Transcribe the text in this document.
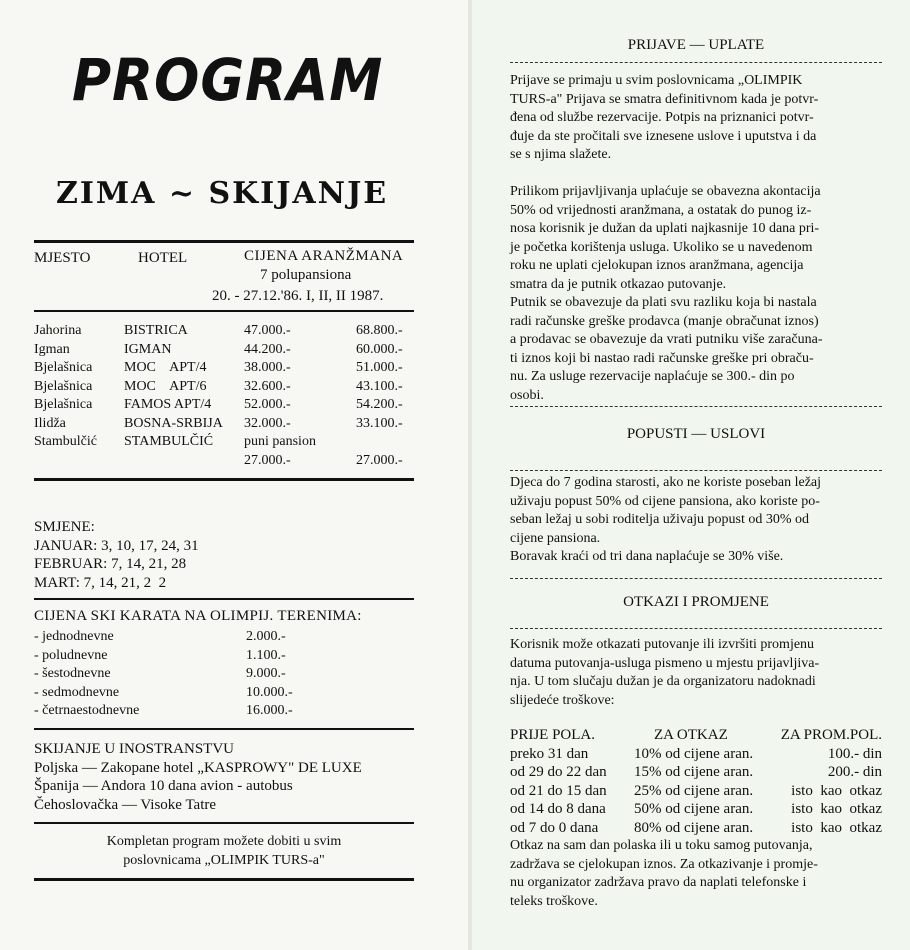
PROGRAM
ZIMA ~ SKIJANJE
MJESTO	HOTEL	CIJENA ARANŽMANA
7 polupansiona
20. - 27.12.'86. I, II, II 1987.
Jahorina
Igman
Bjelašnica
Bjelašnica
Bjelašnica
Ilidža
Stambulčić
BISTRICA
IGMAN
MOC    APT/4
MOC    APT/6
FAMOS APT/4
BOSNA-SRBIJA
STAMBULČIĆ
47.000.-
44.200.-
38.000.-
32.600.-
52.000.-
32.000.-
puni pansion
27.000.-
68.800.-
60.000.-
51.000.-
43.100.-
54.200.-
33.100.-
27.000.-
SMJENE:
JANUAR: 3, 10, 17, 24, 31
FEBRUAR: 7, 14, 21, 28
MART: 7, 14, 21, 2  2
CIJENA SKI KARATA NA OLIMPIJ. TERENIMA:
- jednodnevne
- poludnevne
- šestodnevne
- sedmodnevne
- četrnaestodnevne
2.000.-
1.100.-
9.000.-
10.000.-
16.000.-
SKIJANJE U INOSTRANSTVU
Poljska — Zakopane hotel „KASPROWY" DE LUXE
Španija — Andora 10 dana avion - autobus
Čehoslovačka — Visoke Tatre
Kompletan program možete dobiti u svim
poslovnicama „OLIMPIK TURS-a"
PRIJAVE — UPLATE
Prijave se primaju u svim poslovnicama „OLIMPIK
TURS-a" Prijava se smatra definitivnom kada je potvr-
đena od službe rezervacije. Potpis na priznanici potvr-
đuje da ste pročitali sve iznesene uslove i uputstva i da
se s njima slažete.
Prilikom prijavljivanja uplaćuje se obavezna akontacija
50% od vrijednosti aranžmana, a ostatak do punog iz-
nosa korisnik je dužan da uplati najkasnije 10 dana pri-
je početka korištenja usluga. Ukoliko se u navedenom
roku ne uplati cjelokupan iznos aranžmana, agencija
smatra da je putnik otkazao putovanje.
Putnik se obavezuje da plati svu razliku koja bi nastala
radi računske greške prodavca (manje obračunat iznos)
a prodavac se obavezuje da vrati putniku više zaračuna-
ti iznos koji bi nastao radi računske greške pri obraču-
nu. Za usluge rezervacije naplaćuje se 300.- din po
osobi.
POPUSTI — USLOVI
Djeca do 7 godina starosti, ako ne koriste poseban ležaj
uživaju popust 50% od cijene pansiona, ako koriste po-
seban ležaj u sobi roditelja uživaju popust od 30% od
cijene pansiona.
Boravak kraći od tri dana naplaćuje se 30% više.
OTKAZI I PROMJENE
Korisnik može otkazati putovanje ili izvršiti promjenu
datuma putovanja-usluga pismeno u mjestu prijavljiva-
nja. U tom slučaju dužan je da organizatoru nadoknadi
slijedeće troškove:
PRIJE POLA.
preko 31 dan
od 29 do 22 dan
od 21 do 15 dan
od 14 do 8 dana
od 7 do 0 dana
ZA OTKAZ
10% od cijene aran.
15% od cijene aran.
25% od cijene aran.
50% od cijene aran.
80% od cijene aran.
ZA PROM.POL.
100.- din
200.- din
isto  kao  otkaz
isto  kao  otkaz
isto  kao  otkaz
Otkaz na sam dan polaska ili u toku samog putovanja,
zadržava se cjelokupan iznos. Za otkazivanje i promje-
nu organizator zadržava pravo da naplati telefonske i
teleks troškove.
